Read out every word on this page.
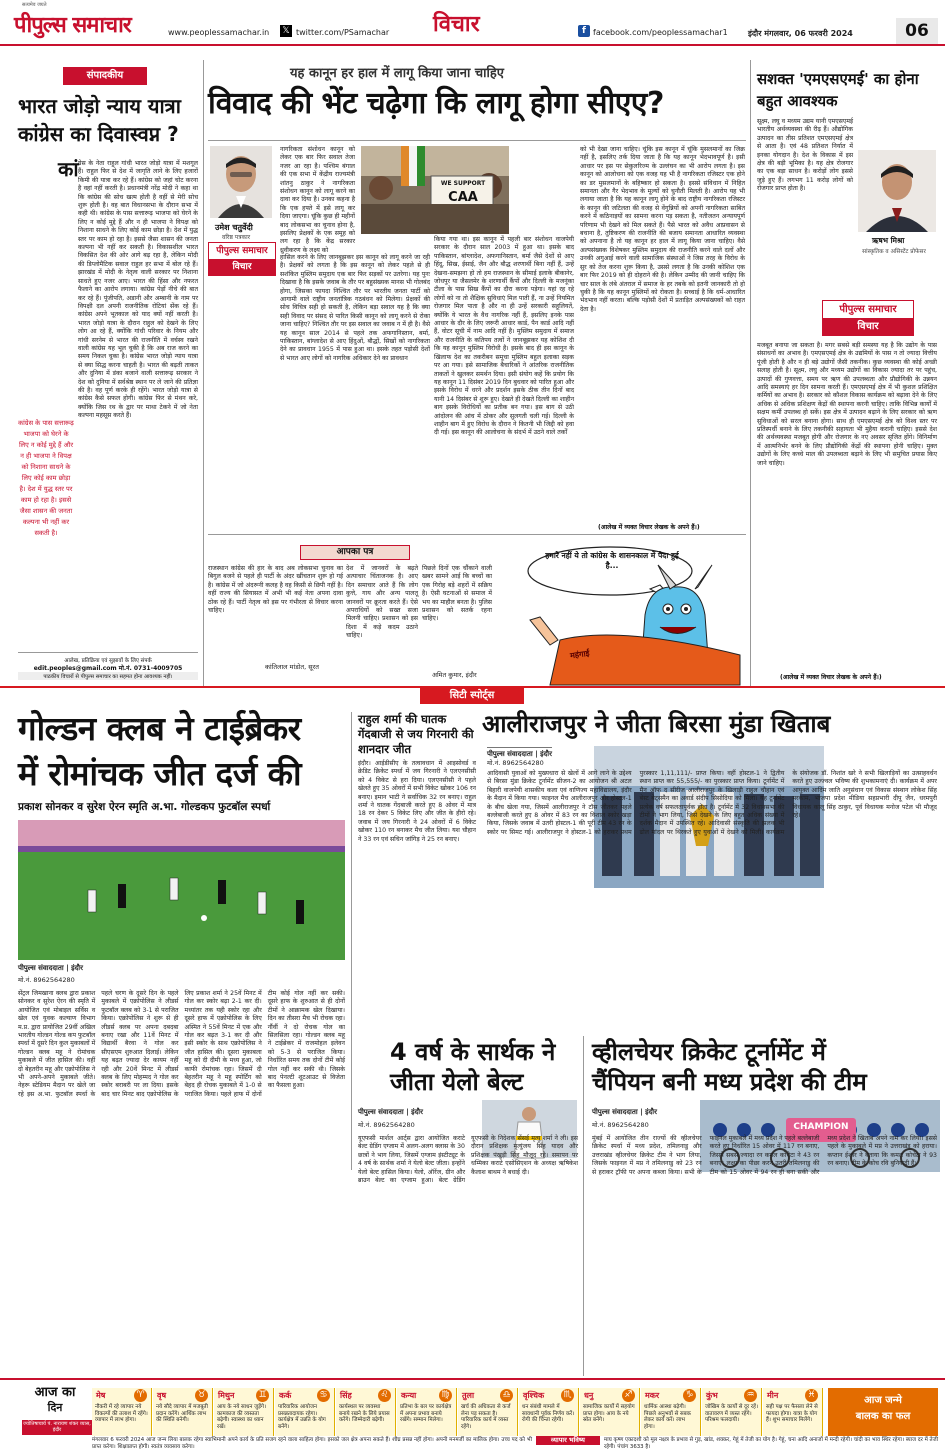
सत्यमेव जयते
पीपुल्स समाचार	www.peoplessamachar.in 𝕏 twitter.com/PSamachar विचार	f facebook.com/peoplessamachar1	इंदौर मंगलवार, 06 फरवरी 2024	06
संपादकीय
भारत जोड़ो न्याय यात्रा कांग्रेस का दिवास्वप्न ?
कां ग्रेस के नेता राहुल गांधी भारत जोड़ो यात्रा में मशगूल हैं। राहुल फिर से देश में जागृति लाने के लिए हजारों किमी की यात्रा कर रहे हैं। कांग्रेस को जहां चोट करना है वहां नहीं करती है। प्रधानमंत्री नरेंद्र मोदी ने कहा था कि कांग्रेस की सोच खत्म होती है वहीं से मेरी सोच शुरू होती है। वह बात विधानसभा के दौरान सभा में कही थी। कांग्रेस के पास सत्तारूढ़ भाजपा को घेरने के लिए न कोई मुद्दे हैं और न ही भाजपा ने विपक्ष को निशाना साधने के लिए कोई काम छोड़ा है। देश में युद्ध स्तर पर काम हो रहा है। इससे जैसा शासन की जनता कल्पना भी नहीं कर सकती है। विकासशील भारत विकसित देश की ओर आगे बढ़ रहा है, लेकिन मोदी की डिप्लोमैटिक सवाल राहुल हर सभा में बोल रहे हैं। झारखंड में मोदी के नेतृत्व वाली सरकार पर निशाना साधते हुए नजर आए। भारत की हिंसा और नफरत फैलाने का आरोप लगाया। कांग्रेस पेड़ों नीचे की बात कर रहे हैं। पूंजीपति, अडानी और अम्बानी के नाम पर विपक्षी दल अपनी राजनीतिक रोटियां सेंक रहे हैं। कांग्रेस अपने भूतकाल को याद क्यों नहीं करती है। भारत जोड़ो यात्रा के दौरान राहुल को देखने के लिए लोग आ रहे हैं, क्योंकि गांधी परिवार के नियम और गांधी सरनेम से भारत की राजनीति में वर्चस्व रखने वाली कांग्रेस यह भूल चुकी है कि अब राज करने का समय निकल चुका है। कांग्रेस भारत जोड़ो न्याय यात्रा से क्या सिद्ध करना चाहती है। भारत की बढ़ती ताकत और दुनिया में डंका बजाने वाली सत्तारूढ़ सरकार ने देश को दुनिया में सर्वश्रेष्ठ स्थान पर ले जाने की प्रतिज्ञा की है। वह पूर्ण करके ही रहेंगे। भारत जोड़ो यात्रा से कांग्रेस कैसे सफल होगी। कांग्रेस फिर से मंथन करे, क्योंकि जिस रथ के द्वार पर माथा टेकने में जो नेता कल्पना महसूस करते हैं।
कांग्रेस के पास सत्तारूढ़ भाजपा को घेरने के लिए न कोई मुद्दे हैं और न ही भाजपा ने विपक्ष को निशाना साधने के लिए कोई काम छोड़ा है। देश में युद्ध स्तर पर काम हो रहा है। इससे जैसा शासन की जनता कल्पना भी नहीं कर सकती है।
आलेख, प्रतिक्रिया एवं सुझावों के लिए संपर्क
edit.peoples@gmail.com मो.नं. 0731-4009705
पाठकीय विचारों से पीपुल्स समाचार का सहमत होना आवश्यक नहीं।
यह कानून हर हाल में लागू किया जाना चाहिए
विवाद की भेंट चढ़ेगा कि लागू होगा सीएए?
उमेश चतुर्वेदी
वरिष्ठ पत्रकार
पीपुल्स समाचार
विचार
नागरिकता संशोधन कानून को लेकर एक बार फिर सवाल तेजा नजर आ रहा है। पश्चिम बंगाल की एक सभा में केंद्रीय राज्यमंत्री शांतनु ठाकुर ने नागरिकता संशोधन कानून को लागू करने का दावा कर दिया है। उनका कहना है कि एक हफ्ते में इसे लागू कर दिया जाएगा। चूंकि कुछ ही महीनों बाद लोकसभा का चुनाव होना है, इसलिए प्रेक्षकों के एक समूह को लग रहा है कि केंद्र सरकार ध्रुवीकरण के लक्ष्य को
WE SUPPORT
CAA
हासिल करने के लिए जानबूझकर इस कानून को लागू करने जा रही है। प्रेक्षकों को लगता है कि इस कानून को लेकर पहले से ही सशंकित मुस्लिम समुदाय एक बार फिर सड़कों पर उतरेगा। यह पुनः दिखावा है कि इसके जवाब के तौर पर बहुसंख्यक मानस भी गोलबंद होगा, जिसका फायदा निश्चित तौर पर भारतीय जनता पार्टी को आगामी वाले राष्ट्रीय जनतांत्रिक गठबंधन को मिलेगा। प्रेक्षकों की सोच विचित्र सही हो सकती है, लेकिन बड़ा सवाल यह है कि क्या सही विवाद पर संसद से पारित किसी कानून को लागू करने से रोका जाना चाहिए? निश्चित तौर पर इस सवाल का जवाब न में ही है। वैसे यह कानून साल 2014 से पहले तक अफगानिस्तान, बर्मा, पाकिस्तान, बांग्लादेश से आए हिंदुओं, बौद्धों, सिखों को नागरिकता देने का प्रावधान 1955 में पास हुआ था। इसके तहत पड़ोसी देशों से भारत आए लोगों को नागरिक अधिकार देने का प्रावधान
किया गया था। इस कानून में पहली बार संशोधन वाजपेयी सरकार के दौरान साल 2003 में हुआ था। इसके बाद पाकिस्तान, बांग्लादेश, अफगानिस्तान, बर्मा जैसे देशों से आए हिंदू, सिख, ईसाई, जैन और बौद्ध शरणार्थी बिना नहीं हैं, उन्हें देखना-समझना हो तो हम राजस्थान के सीमाई इलाके बीकानेर, जोधपुर या जैसलमेर के शरणार्थी कैंपों और दिल्ली के मजनूंका टीला के पास सिख कैंपों का दौरा करना पड़ेगा। यहां रह रहे लोगों को ना तो शैक्षिक सुविधाएं मिल पाती हैं, ना उन्हें नियमित रोजगार मिल पाता है और ना ही उन्हें सरकारी सहूलियतें, क्योंकि ये भारत के वैध नागरिक नहीं हैं, इसलिए इनके पास आधार के दौर के लिए जरूरी आधार कार्ड, पैन कार्ड आदि नहीं हैं, वोटर सूची में नाम आदि नहीं है। मुस्लिम समुदाय में समाज और राजनीति के कतिपय तत्वों ने जानबूझकर यह कोशिश दी कि यह कानून मुस्लिम विरोधी है। इसके बाद ही इस कानून के खिलाफ देश का तकरीबन समूचा मुस्लिम बहुल इलाका सड़क पर आ गया। इसे सामाजिक बैचारिकों ने आंतरिक राजनीतिक ताकतों ने खुलकर समर्थन दिया। इसी संयोग कहें कि प्रयोग कि यह कानून 11 दिसंबर 2019 दिन बुधवार को पारित हुआ और इसके विरोध में धरने और प्रदर्शन इसके ठीक तीन दिनों बाद यानी 14 दिसंबर से शुरू हुए। देखते ही देखते दिल्ली का शाहीन बाग इसके विरोधियों का प्रतीक बन गया। इस बाग से उठी आंदोलन की आंच में ठोकर और सुलगती चली गई। दिल्ली के शाहीन बाग में हुए विरोध के दौरान ने कितनी भी जिद्दी को हवा दी गई। इस कानून की आलोचना के संदर्भ में उठने वाले तर्कों
को भी देखा जाना चाहिए। चूंकि इस कानून में चूंकि मुसलमानों का जिक्र नहीं है, इसलिए तर्क दिया जाता है कि यह कानून भेदभावपूर्ण है। इसी आधार पर इस पर सेकुलरिज्म के उल्लंघन का भी आरोप लगता है। इस कानून को आलोचना को एक वजह यह भी है नागरिकता रजिस्टर एक होने का डर मुसलमानों के बहिष्कार हो सकता है। इससे संविधान में निहित समानता और गैर भेदभाव के मूल्यों को चुनौती मिलती है। आरोप यह भी लगाया जाता है कि यह कानून लागू होने के बाद राष्ट्रीय नागरिकता रजिस्टर के कानून की जटिलता की वजह से वेंगुन्नियों को अपनी नागरिकता साबित करने में कठिनाइयों का सामना करना पड़ सकता है, नतीजतन अन्यायपूर्ण परिणाम भी देखने को मिल सकते हैं। पैसे भारत को अवैध आप्रवासन से बचाना है, तुष्टिकरण की राजनीति की बजाय समानता आधारित व्यवस्था को अपनाना है तो यह कानून हर हाल में लागू किया जाना चाहिए। वैसे अल्पसंख्यक विशेषकर मुस्लिम समुदाय की राजनीति करने वाले दलों और उनकी अगुआई करने वाली सामाजिक संस्थाओं ने जिस तरह के विरोध के सुर को तेज करना शुरू किया है, उससे लगता है कि उनकी कोशिश एक बार फिर 2019 को ही दोहराने की है। लेकिन उम्मीद की जानी चाहिए कि चार साल के लंबे अंतराल में समाज के हर तबके को इतनी जानकारी तो हो चुकी है कि यह कानून मुस्लिमों को रोकता है। सच्चाई है कि धर्म-आधारित भेदभाव नहीं करता। बल्कि पड़ोसी देशों में प्रताड़ित अल्पसंख्यकों को राहत देता है।
(आलेख में व्यक्त विचार लेखक के अपने हैं।)
आपका पत्र
राजस्थान कांग्रेस की हार के बाद अब लोकसभा चुनाव का बिगुल बजने से पहले ही पार्टी के अंदर खींचतान शुरू हो गई है। कांग्रेस में जो अंदरूनी कलह है वह किसी से छिपी नहीं है। वहीं राज्य की सियासत में अभी भी कई नेता अपना दावा ठोक रहे हैं। पार्टी नेतृत्व को इस पर गंभीरता से विचार करना चाहिए।
देश में जानवरों के बढ़ते अत्याचार चिंताजनक है। आए दिन समाचार आते हैं कि लोग कुत्ते, गाय और अन्य पालतू जानवरों पर क्रूरता करते हैं। ऐसे अपराधियों को सख्त सजा मिलनी चाहिए। प्रशासन को इस दिशा में कड़े कदम उठाने चाहिए।
पिछले दिनों एक चौंकाने वाली खबर सामने आई कि बच्चों का एक गिरोह बड़े शहरों में सक्रिय है। ऐसी घटनाओं से समाज में भय का माहौल बनता है। पुलिस प्रशासन को सतर्क रहना चाहिए।
कांतिलाल मांडोत, सूरत
अमित कुमार, इंदौर
हमारे नहीं ये तो कांग्रेस के शासनकाल में पैदा हुई है...
महंगाई
सशक्त 'एमएसएमई' का होना बहुत आवश्यक
सूक्ष्म, लघु व मध्यम उद्यम यानी एमएसएमई भारतीय अर्थव्यवस्था की रीढ़ हैं। औद्योगिक उत्पादन का तीस प्रतिशत एमएसएमई क्षेत्र से आता है। एवं 48 प्रतिशत निर्यात में इनका योगदान है। देश के विकास में इस क्षेत्र की बड़ी भूमिका है। यह क्षेत्र रोजगार का एक बड़ा साधन है। करोड़ों लोग इससे जुड़े हुए हैं। लगभग 11 करोड़ लोगों को रोजगार प्राप्त होता है।
ऋषभ मिश्रा
सांस्कृतिक व असिस्टेंट प्रोफेसर
पीपुल्स समाचार
विचार
मजबूत बनाया जा सकता है। मगर सबसे बड़ी समस्या यह है कि उद्योग के पास संसाधनों का अभाव है। एमएसएमई क्षेत्र के उद्यमियों के पास न तो ज्यादा वित्तीय पूंजी होती है और न ही बड़े उद्योगों जैसी तकनीक। कुछ व्यवस्था की कोई अच्छी सलाह होती है। सूक्ष्म, लघु और मध्यम उद्योगों का विकास ज्यादा तर पर पहुंच, उत्पादों की गुणवत्ता, समय पर ऋण की उपलब्धता और प्रौद्योगिकी के उन्नयन आदि समस्याएं हर दिन सामना करती हैं। एमएसएमई क्षेत्र में भी कुशल प्रशिक्षित कर्मियों का अभाव है। सरकार को कौशल विकास कार्यक्रम को बढ़ावा देने के लिए अधिक से अधिक प्रशिक्षण केंद्रों की स्थापना करनी चाहिए। ताकि विभिन्न कार्यों में सक्षम कर्मी उपलब्ध हो सकें। इस क्षेत्र में उत्पादन बढ़ाने के लिए सरकार को ऋण सुविधाओं को सरल बनाना होगा। साथ ही एमएसएमई क्षेत्र को विश्व स्तर पर प्रतिस्पर्धी बनाने के लिए तकनीकी सहायता भी मुहैया करानी चाहिए। इससे देश की अर्थव्यवस्था मजबूत होगी और रोजगार के नए अवसर सृजित होंगे। विनिर्माण में आत्मनिर्भर बनने के लिए प्रौद्योगिकी केंद्रों की स्थापना होनी चाहिए। मुक्त उद्योगों के लिए कच्चे माल की उपलब्धता बढ़ाने के लिए भी समुचित प्रयास किए जाने चाहिए।
(आलेख में व्यक्त विचार लेखक के अपने हैं।)
सिटी स्पोर्ट्स
गोल्डन क्लब ने टाईब्रेकर
में रोमांचक जीत दर्ज की
प्रकाश सोनकर व सुरेश ऐरन स्मृति अ.भा. गोल्डकप फुटबॉल स्पर्धा
पीपुल्स संवाददाता | इंदौर
मो.नं. 8962564280
सेंट्रल जिमखाना क्लब द्वारा प्रकाश सोनकर व सुरेश ऐरन की स्मृति में आयोजित एवं मोबाइल सर्विस व खेल एवं युवक कल्याण विभाग म.प्र. द्वारा प्रायोजित 29वीं अखिल भारतीय गोल्डन गोल्ड कप फुटबॉल स्पर्धा में दूसरे दिन कुल मुकाबलों में गोल्डन क्लब महू ने रोमांचक मुकाबले में जीत हासिल की। वहीं दो बेहतरीन महू और एक्रोपोलिस ने भी अपने-अपने मुकाबले जीते। नेहरू स्टेडियम मैदान पर खेले जा रहे इस अ.भा. फुटबॉल स्पर्धा के पहले चरण के दूसरे दिन के पहले मुकाबले में एक्रोपोलिस ने लीडर्स फुटबॉल क्लब को 3-1 से पराजित किया। एक्रोपोलिस ने शुरू से ही लीडर्स क्लब पर अपना दबदबा बनाए रखा और 11वें मिनट में विद्यार्थी बैरवा ने गोल कर सीएसएम शुरुआत दिलाई। लेकिन यह बढ़त ज्यादा देर कायम नहीं रही और 20वें मिनट में लीडर्स क्लब के लिए मोहम्मद ने गोल कर स्कोर बराबरी पर ला दिया। इसके बाद चार मिनट बाद एक्रोपोलिस के लिए प्रकाश शर्मा ने 25वें मिनट में गोल कर स्कोर बढ़ा 2-1 कर दी। मध्यांतर तक यही स्कोर रहा और दूसरे हाफ में एक्रोपोलिस के लिए अस्मित ने 55वें मिनट में एक और गोल कर बढ़त 3-1 कर दी और इसी स्कोर के साथ एक्रोपोलिस ने जीत हासिल की। दूसरा मुकाबला महू को दी दीमी के मध्य हुआ, जो काफी रोमांचक रहा। जिसमें दी बेहतरीन महू ने महू स्पोर्टिंग को बेहद ही रोचक मुकाबले में 1-0 से पराजित किया। पहले हाफ में दोनों टीम कोई गोल नहीं कर सकी। दूसरे हाफ के शुरुआत से ही दोनों टीमों ने आक्रामक खेल दिखाया। दिन का तीसरा मैच भी रोचक रहा। नौंवीं ने दो रोचक गोल का सिलसिला रहा। गोल्डन क्लब महू ने टाईब्रेकर में राजमोहल इलेवन को 5-3 से पराजित किया। निर्धारित समय तक दोनों टीमें कोई गोल नहीं कर सकी थी। जिसके बाद पेनल्टी शूटआउट से विजेता का फैसला हुआ।
राहुल शर्मा की घातक गेंदबाजी से जय गिरनारी की शानदार जीत
इंदौर। आईडीसीए के तत्वावधान में आइसोवर्ड व क्रेडिट क्रिकेट स्पर्धा में जय गिरनारी ने एलएनसीसी को 4 विकेट से हरा दिया। एलएनसीसी ने पहले खेलते हुए 35 ओवरों में सभी विकेट खोकर 106 रन बनाए। इमान भाटी ने सर्वाधिक 32 रन बनाए। राहुल शर्मा ने घातक गेंदबाजी करते हुए 8 ओवर में मात्र 18 रन देकर 5 विकेट लिए और जीत के हीरो रहे। जवाब में जय गिरनारी ने 24 ओवरों में 6 विकेट खोकर 110 रन बनाकर मैच जीत लिया। यश चौहान ने 33 रन एवं सचिन जांगिड़ ने 25 रन बनाए।
आलीराजपुर ने जीता बिरसा मुंडा खिताब
पीपुल्स संवाददाता | इंदौर
मो.नं. 8962564280
आदिवासी युवाओं को मुख्यधारा से खेलों में आगे लाने के उद्देश्य से बिरसा मुंडा क्रिकेट टूर्नामेंट सीजन-2 का आयोजन श्री अटल बिहारी वाजपेयी शासकीय कला एवं वाणिज्य महाविद्यालय, इंदौर के मैदान में किया गया। फाइनल मैच आलीराजपुर और होस्टल-1 के बीच खेला गया, जिसमें आलीराजपुर ने टॉस जीतकर पहले बल्लेबाजी करते हुए 8 ओवर में 83 रन का विशाल स्कोर खड़ा किया, जिसके जवाब में उतरी होस्टल-1 की पूरी टीम 43 रन के स्कोर पर सिमट गई। आलीराजपुर ने होस्टल-1 को हराकर प्रथम पुरस्कार 1,11,111/- प्राप्त किया। वहीं होस्टल-1 ने द्वितीय स्थान प्राप्त कर 55,555/- का पुरस्कार प्राप्त किया। टूर्नामेंट में मैन ऑफ द सीरीज आलीराजपुर के खिलाड़ी राहुल चौहान एवं बेस्ट बेट्समैन का अवार्ड संदीप सिसोदिया को मिला। यह टूर्नामेंट प्रत्येक वर्ष सफलतापूर्वक होता है। टूर्नामेंट में 32 विधानसभा की टीमों ने भाग लिया, जिसे देखने के लिए बहुत अधिक संख्या में दर्शक मैदान में उपस्थित रहे। आदिवासी संस्कृति की झलक भी ढोल मांदल पर थिरकते हुए युवाओं में देखने को मिली। कार्यक्रम के संयोजक डॉ. निशांत खरे ने सभी खिलाड़ियों का उत्साहवर्धन करते हुए उज्ज्वल भविष्य की शुभकामनाएं दी। कार्यक्रम में अपर आयुक्त आदिम जाति अनुसंधान एवं विकास संस्थान लोकेश सिंह मरकाम, भाजपा प्रदेश मीडिया सहप्रभारी दीपू जैन, धरमपुरी विधायक कालू सिंह ठाकुर, पूर्व विधायक मनोज पटेल भी मौजूद रहे।
4 वर्ष के सार्थक ने
जीता येलो बेल्ट
पीपुल्स संवाददाता | इंदौर
मो.नं. 8962564280
यूएफसी मार्शल आर्ट्स द्वारा आयोजित कराटे बेल्ट ग्रेडिंग एग्जाम में अलग-अलग क्लास के 30 छात्रों ने भाग लिया, जिसमें एग्जाम इंस्टीट्यूट के 4 वर्ष के सार्थक शर्मा ने येलो बेल्ट जीता। इन्होंने येलो बेल्ट हासिल किया। येलो, ऑरेंज, ग्रीन और ब्राउन बेल्ट का एग्जाम हुआ। बेल्ट ग्रेडिंग यूएफसी के निदेशक सेंसई मृत्यु शर्मा ने ली। इस दौरान प्रशिक्षक मृत्युंजय सिंह यादव और प्रशिक्षक पंखुड़ी सिंह मौजूद रहे। समापन पर धम्मिका कराटे एसोसिएशन के अध्यक्ष ऋषिकेश कैलाश बाथम ने बधाई दी।
व्हीलचेयर क्रिकेट टूर्नामेंट में
चैंपियन बनी मध्य प्रदेश की टीम
पीपुल्स संवाददाता | इंदौर
मो.नं. 8962564280	CHAMPION
मुंबई में आयोजित तीन राज्यों की व्हीलचेयर क्रिकेट स्पर्धा में मध्य प्रदेश, तमिलनाडु और उत्तराखंड व्हीलचेयर क्रिकेट टीम ने भाग लिया, जिसके फाइनल में मप्र ने तमिलनाडु को 23 रन से हराकर ट्रॉफी पर अपना कब्जा किया। सभी के फाइनल मुकाबले में मध्य प्रदेश ने पहले बल्लेबाजी करते हुए निर्धारित 15 ओवर में 117 रन बनाए, जिसमें सबसे ज्यादा रन कमल कोचेटा ने 43 रन बनाए। लक्ष्य का पीछा करने उतरी तमिलनाडु की टीम को 15 ओवर में 94 रन ही बना सकी और मध्य प्रदेश ने खिताब अपने नाम कर लिया। इससे पहले के मुकाबले में मप्र ने उत्तराखंड को हराया। कप्तान ईश्वर ने बताया कि कमल कोचेटा ने 93 रन बनाए। टीम के कोच रवि बुनियादी हैं।
आज का
दिन
ज्योतिषाचार्य पं. नारायण शंकर व्यास, इंदौर
मेष	♈
नौकरी में रहे व्यापार नये विकल्पों की तलाश में रहेंगे। व्यापार में लाभ होगा।
वृष	♉
नये सौदे व्यापार में मजबूती प्रदान करेंगे। आर्थिक लाभ की स्थिति बनेगी।
मिथुन	♊
आय के नये साधन जुड़ेंगे। कामकाज की व्यस्तता बढ़ेगी। स्वास्थ्य का ध्यान रखें।
कर्क	♋
पारिवारिक आयोजन प्रसन्नतादायक रहेगा। कार्यक्षेत्र में उन्नति के योग बनेंगे।
सिंह	♌
कार्यस्थल पर व्यवस्था बनाये रखने के लिये प्रयास करेंगे। जिम्मेदारी बढ़ेगी।
कन्या	♍
प्रतिभा के बल पर कार्यक्षेत्र में अपना प्रभाव बनाये रखेंगे। सम्मान मिलेगा।
तुला	♎
खर्च की अधिकता से कर्ज लेना पड़ सकता है। पारिवारिक कार्य में व्यस्त रहेंगे।
वृश्चिक ♏
धन संबंधी मामले में सावधानी पूर्वक निर्णय करें। रोगी की चिन्ता रहेगी।
धनु	♐
सामाजिक कार्यों में सहयोग प्राप्त होगा। आय के नये स्रोत बनेंगे।
मकर	♑
धार्मिक आस्था बढ़ेगी। पिछले अनुभवों से सबक लेकर कार्य करें। लाभ होगा।
कुंभ	♒
जोखिम के कार्यों से दूर रहें। वातावरण में व्यस्त रहेंगे। परिश्रम फलदायी।
मीन	♓
सही पक्ष पर फैसला लेने से फायदा होगा। यात्रा के योग हैं। शुभ समाचार मिलेंगे।
आज जन्मे
बालक का फल
मंगलवार 6 फरवरी 2024 आज जन्म लिया बालक रहेगा स्वाभिमानी अपने कार्य के प्रति सजग रहने वाला साहित्य होगा। इसको जल क्षेत्र अपना सकते हैं। शीघ्र प्रसन्न नहीं होगा। अपनी मनमर्जी का मालिक होगा। उच्च पद को भी प्राप्त करेगा। शिक्षाप्राप्त होगी। स्वतंत्र व्यवसाय करेगा।
व्यापार भविष्य	माघ कृष्ण एकादशी को मूल नक्षत्र के प्रभाव से गुड़, खांड, शक्कर, गेहूं में तेजी का योग है। गेहूं, चना आदि अनाजों में मन्दी रहेगी। चांदी का भाव स्थिर रहेगा। ब्याज दर में तेजी रहेगी। पंचांग 3633 है।
